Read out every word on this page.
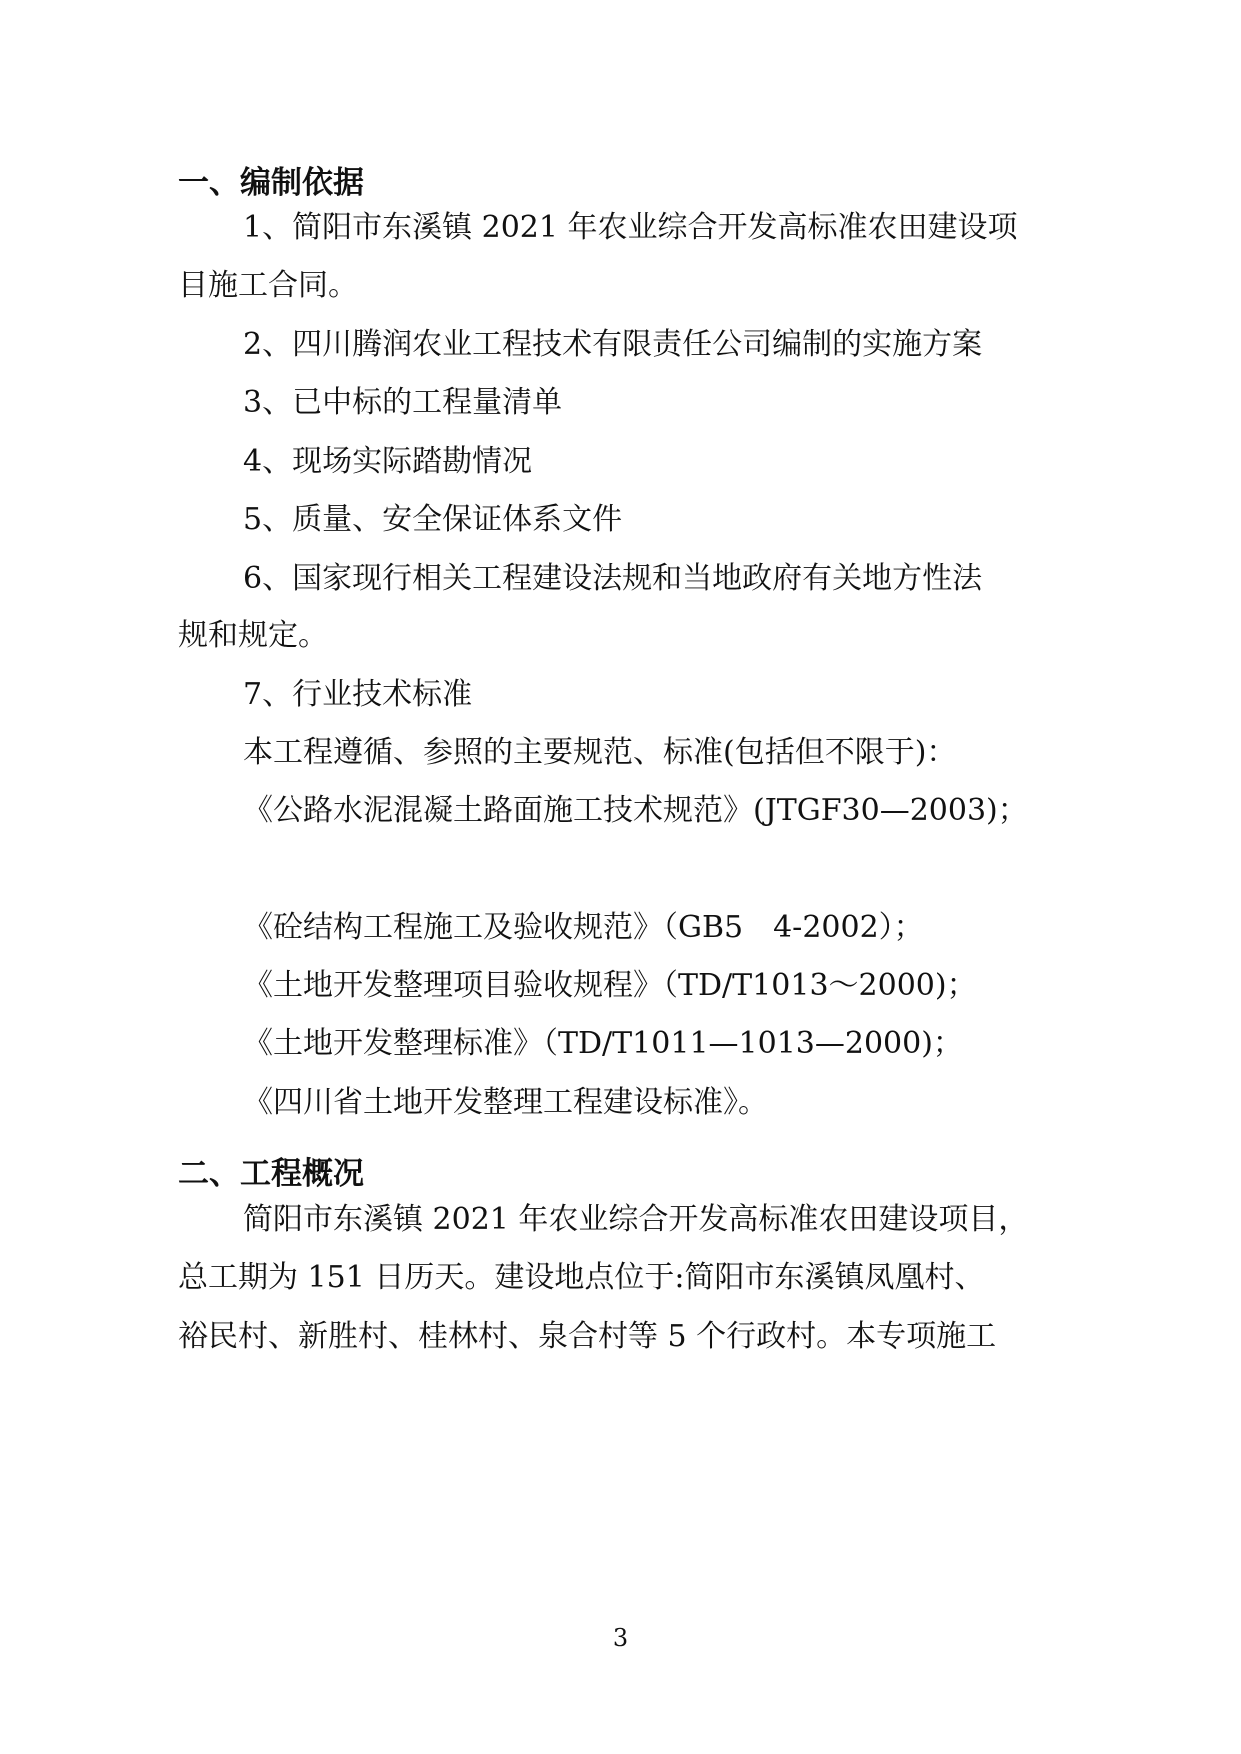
一、编制依据
1、简阳市东溪镇 2021 年农业综合开发高标准农田建设项
目施工合同。
2、四川腾润农业工程技术有限责任公司编制的实施方案
3、已中标的工程量清单
4、现场实际踏勘情况
5、质量、安全保证体系文件
6、国家现行相关工程建设法规和当地政府有关地方性法
规和规定。
7、行业技术标准
本工程遵循、参照的主要规范、标准(包括但不限于)：
《公路水泥混凝土路面施工技术规范》(JTGF30—2003)；
《砼结构工程施工及验收规范》（GB5　4-2002）；
《土地开发整理项目验收规程》（TD/T1013～2000)；
《土地开发整理标准》（TD/T1011—1013—2000)；
《四川省土地开发整理工程建设标准》。
二、工程概况
简阳市东溪镇 2021 年农业综合开发高标准农田建设项目，
总工期为 151 日历天。建设地点位于:简阳市东溪镇凤凰村、
裕民村、新胜村、桂林村、泉合村等 5 个行政村。本专项施工
3
